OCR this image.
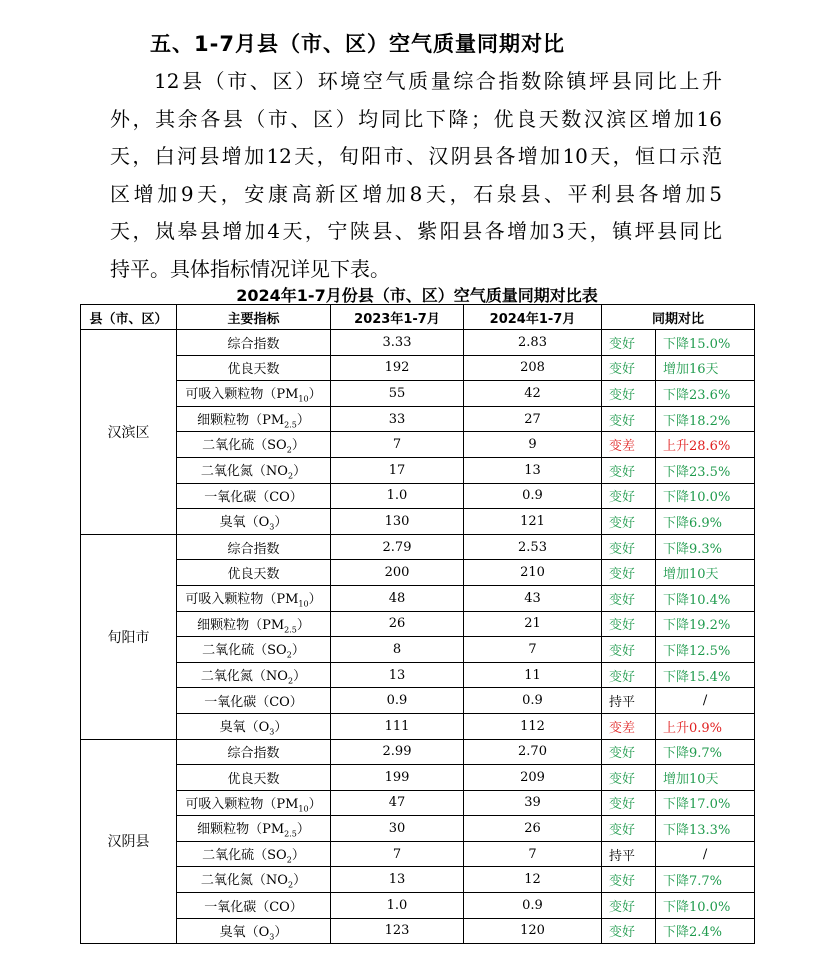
五、1-7月县（市、区）空气质量同期对比
12县（市、区）环境空气质量综合指数除镇坪县同比上升
外，其余各县（市、区）均同比下降；优良天数汉滨区增加16
天，白河县增加12天，旬阳市、汉阴县各增加10天，恒口示范
区增加9天，安康高新区增加8天，石泉县、平利县各增加5
天，岚皋县增加4天，宁陕县、紫阳县各增加3天，镇坪县同比
持平。具体指标情况详见下表。
2024年1-7月份县（市、区）空气质量同期对比表
县（市、区）	主要指标	2023年1-7月	2024年1-7月	同期对比	
汉滨区	综合指数	3.33	2.83	变好	下降15.0%
	优良天数	192	208	变好	增加16天
	可吸入颗粒物$(PM_{10})$	55	42	变好	下降23.6%
	细颗粒物$(PM_{2.5})$	33	27	变好	下降18.2%
	二氧化硫$(SO_2)$	7	9	变差	上升28.6%
	二氧化氮$(NO_2)$	17	13	变好	下降23.5%
	一氧化碳（CO）	1.0	0.9	变好	下降10.0%
	臭氧$(O_3)$	130	121	变好	下降6.9%
旬阳市	综合指数	2.79	2.53	变好	下降9.3%
	优良天数	200	210	变好	增加10天
	可吸入颗粒物$(PM_{10})$	48	43	变好	下降10.4%
	细颗粒物$(PM_{2.5})$	26	21	变好	下降19.2%
	二氧化硫$(SO_2)$	8	7	变好	下降12.5%
	二氧化氮$(NO_2)$	13	11	变好	下降15.4%
	一氧化碳（CO）	0.9	0.9	持平	/
	臭氧$(O_3)$	111	112	变差	上升0.9%
汉阴县	综合指数	2.99	2.70	变好	下降9.7%
	优良天数	199	209	变好	增加10天
	可吸入颗粒物$(PM_{10})$	47	39	变好	下降17.0%
	细颗粒物$(PM_{2.5})$	30	26	变好	下降13.3%
	二氧化硫$(SO_2)$	7	7	持平	/
	二氧化氮$(NO_2)$	13	12	变好	下降7.7%
	一氧化碳（CO）	1.0	0.9	变好	下降10.0%
	臭氧$(O_3)$	123	120	变好	下降2.4%
